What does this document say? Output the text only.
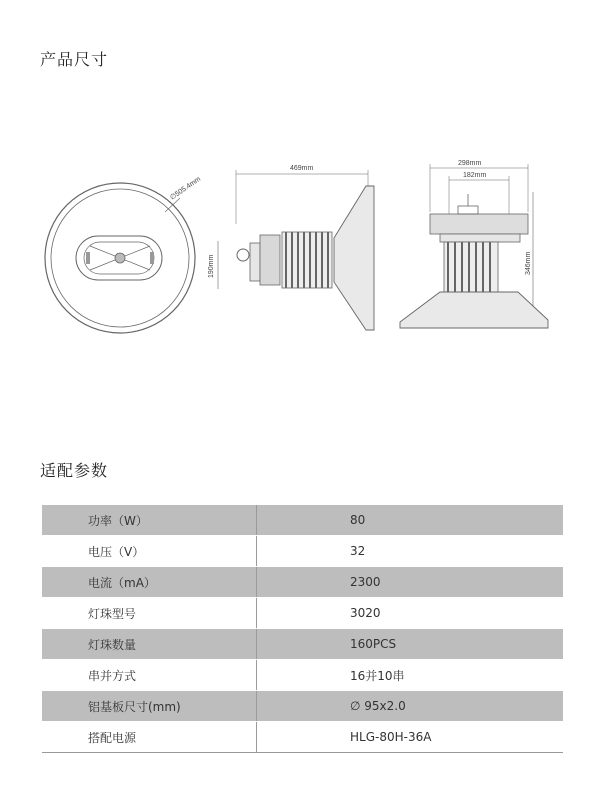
产品尺寸
∅505.4mm
469mm
190mm
298mm
182mm
346mm
适配参数
功率（W）	80
电压（V）	32
电流（mA）	2300
灯珠型号	3020
灯珠数量	160PCS
串并方式	16并10串
铝基板尺寸(mm)	∅ 95x2.0
搭配电源	HLG-80H-36A
